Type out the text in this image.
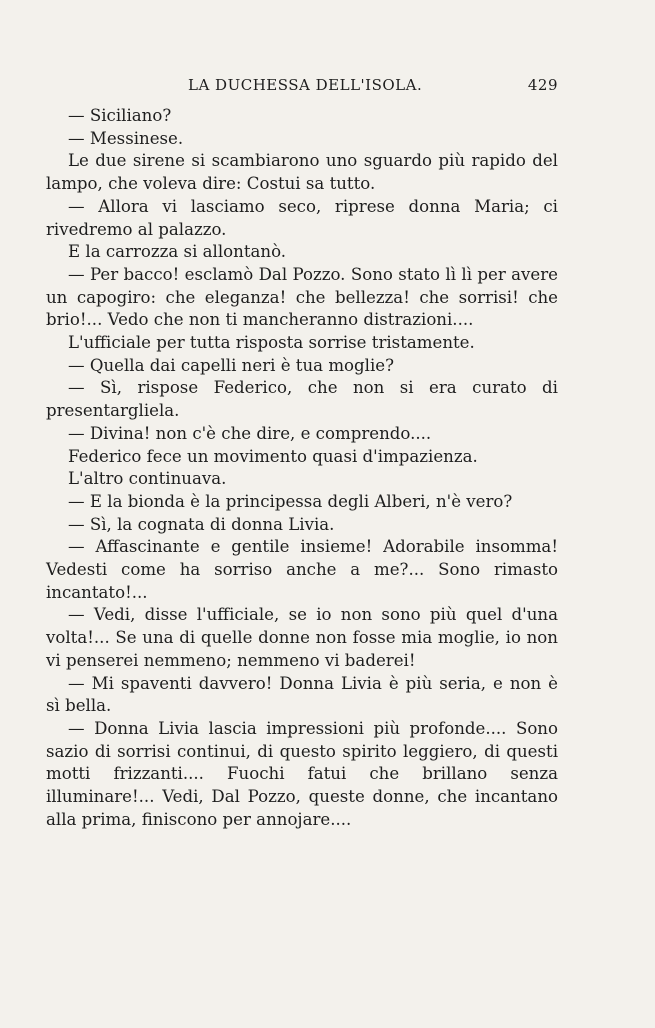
LA DUCHESSA DELL'ISOLA.	429

— Siciliano?

— Messinese.

Le due sirene si scambiarono uno sguardo più rapido del lampo, che voleva dire: Costui sa tutto.

— Allora vi lasciamo seco, riprese donna Maria; ci rivedremo al palazzo.

E la carrozza si allontanò.

— Per bacco! esclamò Dal Pozzo. Sono stato lì lì per avere un capogiro: che eleganza! che bellezza! che sorrisi! che brio!... Vedo che non ti mancheranno distrazioni....

L'ufficiale per tutta risposta sorrise tristamente.

— Quella dai capelli neri è tua moglie?

— Sì, rispose Federico, che non si era curato di presentargliela.

— Divina! non c'è che dire, e comprendo....

Federico fece un movimento quasi d'impazienza.

L'altro continuava.

— E la bionda è la principessa degli Alberi, n'è vero?

— Sì, la cognata di donna Livia.

— Affascinante e gentile insieme! Adorabile insomma! Vedesti come ha sorriso anche a me?... Sono rimasto incantato!...

— Vedi, disse l'ufficiale, se io non sono più quel d'una volta!... Se una di quelle donne non fosse mia moglie, io non vi penserei nemmeno; nemmeno vi baderei!

— Mi spaventi davvero! Donna Livia è più seria, e non è sì bella.

— Donna Livia lascia impressioni più profonde.... Sono sazio di sorrisi continui, di questo spirito leggiero, di questi motti frizzanti.... Fuochi fatui che brillano senza illuminare!... Vedi, Dal Pozzo, queste donne, che incantano alla prima, finiscono per annojare....
